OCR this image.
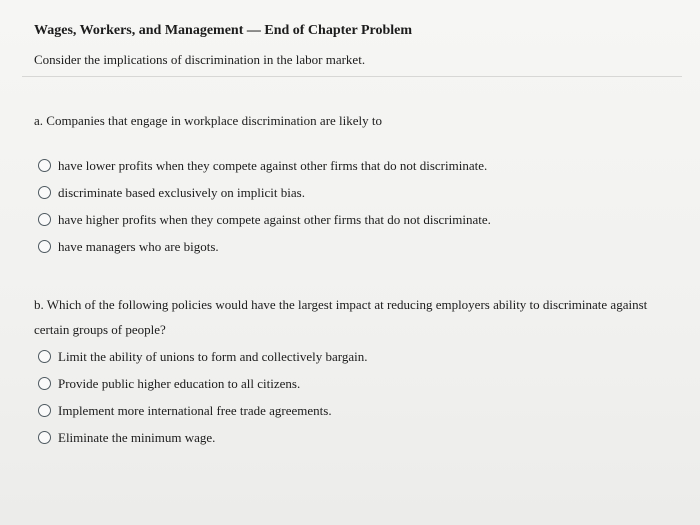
Wages, Workers, and Management — End of Chapter Problem
Consider the implications of discrimination in the labor market.
a. Companies that engage in workplace discrimination are likely to
have lower profits when they compete against other firms that do not discriminate.
discriminate based exclusively on implicit bias.
have higher profits when they compete against other firms that do not discriminate.
have managers who are bigots.
b. Which of the following policies would have the largest impact at reducing employers ability to discriminate against certain groups of people?
Limit the ability of unions to form and collectively bargain.
Provide public higher education to all citizens.
Implement more international free trade agreements.
Eliminate the minimum wage.
